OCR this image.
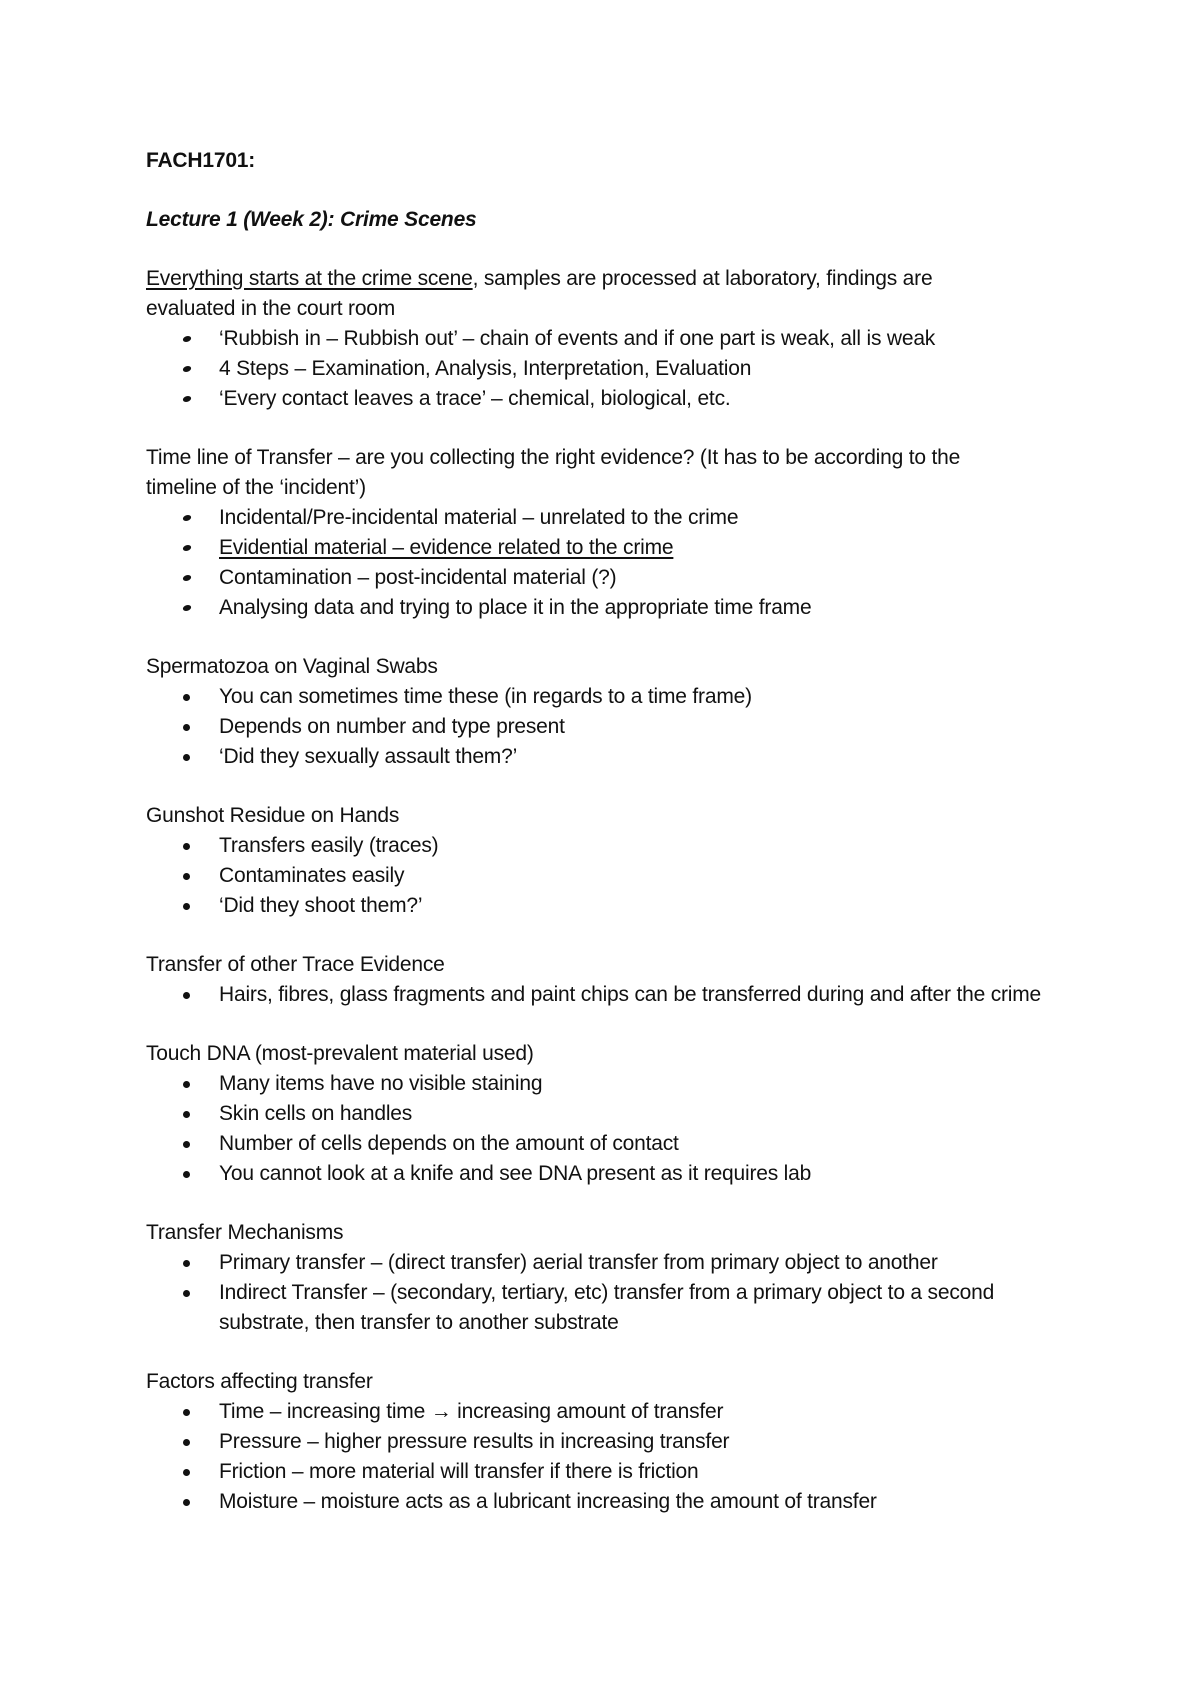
FACH1701:

Lecture 1 (Week 2): Crime Scenes

Everything starts at the crime scene, samples are processed at laboratory, findings are

evaluated in the court room

‘Rubbish in – Rubbish out’ – chain of events and if one part is weak, all is weak
4 Steps – Examination, Analysis, Interpretation, Evaluation
‘Every contact leaves a trace’ – chemical, biological, etc.

Time line of Transfer – are you collecting the right evidence? (It has to be according to the

timeline of the ‘incident’)

Incidental/Pre-incidental material – unrelated to the crime
Evidential material – evidence related to the crime
Contamination – post-incidental material (?)
Analysing data and trying to place it in the appropriate time frame

Spermatozoa on Vaginal Swabs

You can sometimes time these (in regards to a time frame)
Depends on number and type present
‘Did they sexually assault them?’

Gunshot Residue on Hands

Transfers easily (traces)
Contaminates easily
‘Did they shoot them?’

Transfer of other Trace Evidence

Hairs, fibres, glass fragments and paint chips can be transferred during and after the crime

Touch DNA (most-prevalent material used)

Many items have no visible staining
Skin cells on handles
Number of cells depends on the amount of contact
You cannot look at a knife and see DNA present as it requires lab

Transfer Mechanisms

Primary transfer – (direct transfer) aerial transfer from primary object to another
Indirect Transfer – (secondary, tertiary, etc) transfer from a primary object to a second substrate, then transfer to another substrate

Factors affecting transfer

Time – increasing time → increasing amount of transfer
Pressure – higher pressure results in increasing transfer
Friction – more material will transfer if there is friction
Moisture – moisture acts as a lubricant increasing the amount of transfer
